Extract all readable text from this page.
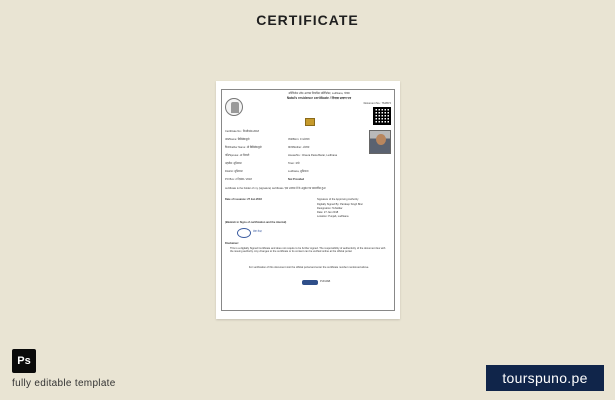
CERTIFICATE
सर्टिफिकेट ऑफ़ अरावल निवासित सर्टिफिकेट, Ludhiana, पंजाब
Natal's residence certificate / निवास प्रमाण पत्र
Document No.: 76465 5
Certificate No.: नि/सी/संस-2018
नाम/Name: बिलिबेकपुबो	जन्म/Born: 9 /अंशपत्र
पिता/Father Name: श्री बिलिबेकपुबो	माता/Mother: अंशपत्र
पति/Spouse: आ शिवारी	House/No.: Chaura Pasta Bazar, Ludhiana
तहसील: लुधियाना	Town: शामे
District: लुधियाना	Ludhiana, लुधियाना
PO Box: 2 दिसंबर / 2018	Not Provided
certificate is the holder of my (signature) certificate / इस आवास में के अनुबंध पत्र मासपत्रित हुआ
Date of issuance: 27 Jan 2018	Signature of the Approving Authority
Digitally Signed By: Pardeep Singh Brar
Designation: Tehsildar
Date: 27 Jan 2018
Location: Punjab, Ludhiana
(Blemish in Signs of certification and the internal)
सेवा केन्द्र
Disclaimer:
This is a digitally Signed Certificate and does not require to be further signed. The responsibility of authenticity of the document lies with the issuing authority. Any changes to the certificate or its content can be verified online at the official portal.
For verification of this document visit the official portal and enter the certificate number mentioned above.
PUNJAB
Ps
fully editable template	tourspuno.pe
